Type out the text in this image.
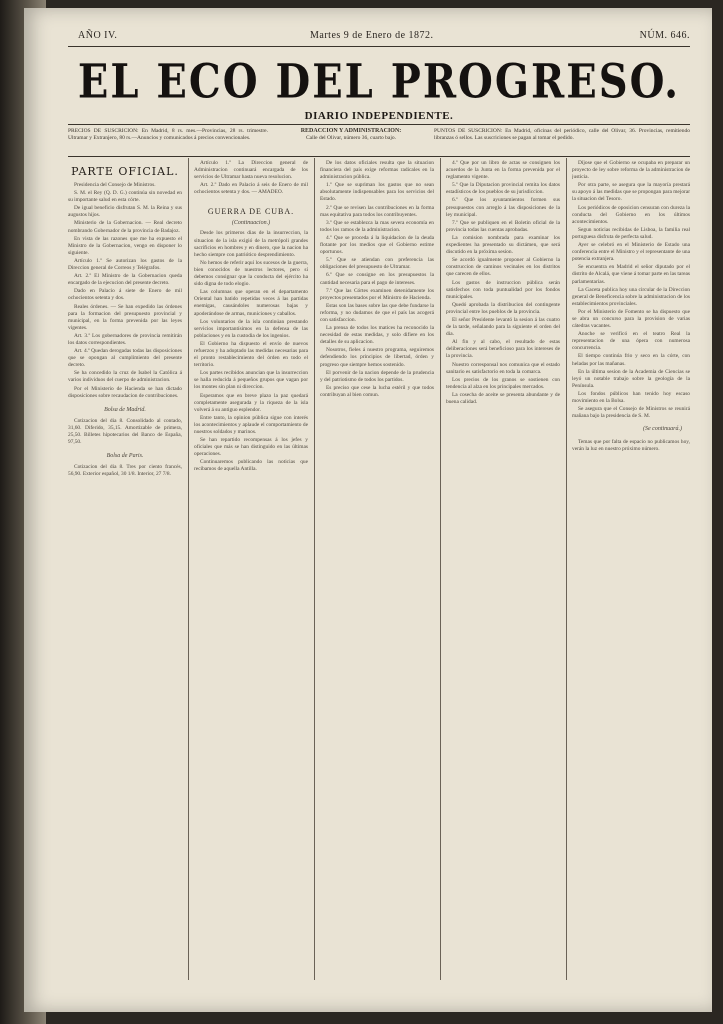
AÑO IV.	Martes 9 de Enero de 1872.	NÚM. 646.
EL ECO DEL PROGRESO.
DIARIO INDEPENDIENTE.
PRECIOS DE SUSCRICION: En Madrid, 8 rs. mes.—Provincias, 28 rs. trimestre. Ultramar y Extranjero, 80 rs.—Anuncios y comunicados á precios convencionales.
REDACCION Y ADMINISTRACION:
Calle del Olivar, número 36, cuarto bajo.
PUNTOS DE SUSCRICION: En Madrid, oficinas del periódico, calle del Olivar, 36. Provincias, remitiendo libranzas ó sellos. Las suscriciones se pagan al tomar el pedido.
PARTE OFICIAL.

Presidencia del Consejo de Ministros.

S. M. el Rey (Q. D. G.) continúa sin novedad en su importante salud en esta córte.

De igual beneficio disfrutan S. M. la Reina y sus augustos hijos.

Ministerio de la Gobernacion. — Real decreto nombrando Gobernador de la provincia de Badajoz.

En vista de las razones que me ha expuesto el Ministro de la Gobernacion, vengo en disponer lo siguiente.

Artículo 1.º Se autorizan los gastos de la Direccion general de Correos y Telégrafos.

Art. 2.º El Ministro de la Gobernacion queda encargado de la ejecucion del presente decreto.

Dado en Palacio á siete de Enero de mil ochocientos setenta y dos.

Reales órdenes. — Se han expedido las órdenes para la formacion del presupuesto provincial y municipal, en la forma prevenida por las leyes vigentes.

Art. 3.º Los gobernadores de provincia remitirán los datos correspondientes.

Art. 4.º Quedan derogadas todas las disposiciones que se opongan al cumplimiento del presente decreto.

Se ha concedido la cruz de Isabel la Católica á varios individuos del cuerpo de administracion.

Por el Ministerio de Hacienda se han dictado disposiciones sobre recaudacion de contribuciones.

Bolsa de Madrid.

Cotizacion del dia 8. Consolidado al contado, 31,60. Diferido, 35,15. Amortizable de primera, 25,50. Billetes hipotecarios del Banco de España, 97,50.

Bolsa de Paris.

Cotizacion del dia 8. Tres por ciento francés, 56,90. Exterior español, 30 1/8. Interior, 27 7/8.

Artículo 1.º La Direccion general de Administracion continuará encargada de los servicios de Ultramar hasta nueva resolucion.

Art. 2.º Dado en Palacio á seis de Enero de mil ochocientos setenta y dos. — AMADEO.

GUERRA DE CUBA.
(Continuacion.)

Desde los primeros dias de la insurreccion, la situacion de la isla exigió de la metrópoli grandes sacrificios en hombres y en dinero, que la nacion ha hecho siempre con patriótico desprendimiento.

No hemos de referir aquí los sucesos de la guerra, bien conocidos de nuestros lectores, pero sí debemos consignar que la conducta del ejército ha sido digna de todo elogio.

Las columnas que operan en el departamento Oriental han batido repetidas veces á las partidas enemigas, causándoles numerosas bajas y apoderándose de armas, municiones y caballos.

Los voluntarios de la isla continúan prestando servicios importantísimos en la defensa de las poblaciones y en la custodia de los ingenios.

El Gobierno ha dispuesto el envío de nuevos refuerzos y ha adoptado las medidas necesarias para el pronto restablecimiento del órden en todo el territorio.

Los partes recibidos anuncian que la insurreccion se halla reducida á pequeños grupos que vagan por los montes sin plan ni direccion.

Esperamos que en breve plazo la paz quedará completamente asegurada y la riqueza de la isla volverá á su antiguo esplendor.

Entre tanto, la opinion pública sigue con interés los acontecimientos y aplaude el comportamiento de nuestros soldados y marinos.

Se han repartido recompensas á los jefes y oficiales que más se han distinguido en las últimas operaciones.

Continuaremos publicando las noticias que recibamos de aquella Antilla.

De los datos oficiales resulta que la situacion financiera del país exige reformas radicales en la administracion pública.

1.º Que se supriman los gastos que no sean absolutamente indispensables para los servicios del Estado.

2.º Que se revisen las contribuciones en la forma mas equitativa para todos los contribuyentes.

3.º Que se establezca la mas severa economía en todos los ramos de la administracion.

4.º Que se proceda á la liquidacion de la deuda flotante por los medios que el Gobierno estime oportunos.

5.º Que se atiendan con preferencia las obligaciones del presupuesto de Ultramar.

6.º Que se consigne en los presupuestos la cantidad necesaria para el pago de intereses.

7.º Que las Córtes examinen detenidamente los proyectos presentados por el Ministro de Hacienda.

Estas son las bases sobre las que debe fundarse la reforma, y no dudamos de que el país las acogerá con satisfaccion.

La prensa de todos los matices ha reconocido la necesidad de estas medidas, y solo difiere en los detalles de su aplicacion.

Nosotros, fieles á nuestro programa, seguiremos defendiendo los principios de libertad, órden y progreso que siempre hemos sostenido.

El porvenir de la nacion depende de la prudencia y del patriotismo de todos los partidos.

Es preciso que cese la lucha estéril y que todos contribuyan al bien comun.

4.º Que por un libro de actas se consignen los acuerdos de la Junta en la forma prevenida por el reglamento vigente.

5.º Que la Diputacion provincial remita los datos estadísticos de los pueblos de su jurisdiccion.

6.º Que los ayuntamientos formen sus presupuestos con arreglo á las disposiciones de la ley municipal.

7.º Que se publiquen en el Boletin oficial de la provincia todas las cuentas aprobadas.

La comision nombrada para examinar los expedientes ha presentado su dictámen, que será discutido en la próxima sesion.

Se acordó igualmente proponer al Gobierno la construccion de caminos vecinales en los distritos que carecen de ellos.

Los gastos de instruccion pública serán satisfechos con toda puntualidad por los fondos municipales.

Quedó aprobada la distribucion del contingente provincial entre los pueblos de la provincia.

El señor Presidente levantó la sesion á las cuatro de la tarde, señalando para la siguiente el orden del dia.

Al fin y al cabo, el resultado de estas deliberaciones será beneficioso para los intereses de la provincia.

Nuestro corresponsal nos comunica que el estado sanitario es satisfactorio en toda la comarca.

Los precios de los granos se sostienen con tendencia al alza en los principales mercados.

La cosecha de aceite se presenta abundante y de buena calidad.

Díjose que el Gobierno se ocupaba en preparar un proyecto de ley sobre reforma de la administracion de justicia.

Por otra parte, se asegura que la mayoría prestará su apoyo á las medidas que se propongan para mejorar la situacion del Tesoro.

Los periódicos de oposicion censuran con dureza la conducta del Gobierno en los últimos acontecimientos.

Segun noticias recibidas de Lisboa, la familia real portuguesa disfruta de perfecta salud.

Ayer se celebró en el Ministerio de Estado una conferencia entre el Ministro y el representante de una potencia extranjera.

Se encuentra en Madrid el señor diputado por el distrito de Alcalá, que viene á tomar parte en las tareas parlamentarias.

La Gaceta publica hoy una circular de la Direccion general de Beneficencia sobre la administracion de los establecimientos provinciales.

Por el Ministerio de Fomento se ha dispuesto que se abra un concurso para la provision de varias cátedras vacantes.

Anoche se verificó en el teatro Real la representacion de una ópera con numerosa concurrencia.

El tiempo continúa frio y seco en la córte, con heladas por las mañanas.

En la última sesion de la Academia de Ciencias se leyó un notable trabajo sobre la geología de la Península.

Los fondos públicos han tenido hoy escaso movimiento en la Bolsa.

Se asegura que el Consejo de Ministros se reunirá mañana bajo la presidencia de S. M.

(Se continuará.)

Temas que por falta de espacio no publicamos hoy, verán la luz en nuestro próximo número.
